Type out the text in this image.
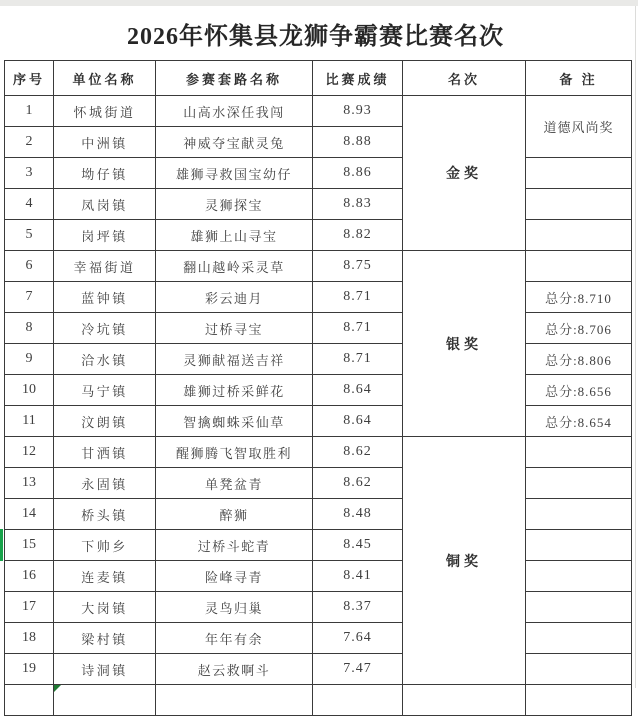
2026年怀集县龙狮争霸赛比赛名次
序号	单位名称	参赛套路名称	比赛成绩	名次	备 注
1	怀城街道	山高水深任我闯	8.93	金奖	道德风尚奖
2	中洲镇	神威夺宝献灵兔	8.88		
3	坳仔镇	雄狮寻救国宝幼仔	8.86		
4	凤岗镇	灵狮探宝	8.83		
5	岗坪镇	雄狮上山寻宝	8.82		
6	幸福街道	翻山越岭采灵草	8.75	银奖	
7	蓝钟镇	彩云迪月	8.71		总分:8.710
8	冷坑镇	过桥寻宝	8.71		总分:8.706
9	洽水镇	灵狮献福送吉祥	8.71		总分:8.806
10	马宁镇	雄狮过桥采鲜花	8.64		总分:8.656
11	汶朗镇	智擒蜘蛛采仙草	8.64		总分:8.654
12	甘洒镇	醒狮腾飞智取胜利	8.62	铜奖	
13	永固镇	单凳盆青	8.62		
14	桥头镇	醉狮	8.48		
15	下帅乡	过桥斗蛇青	8.45		
16	连麦镇	险峰寻青	8.41		
17	大岗镇	灵鸟归巢	8.37		
18	梁村镇	年年有余	7.64		
19	诗洞镇	赵云救啊斗	7.47		
